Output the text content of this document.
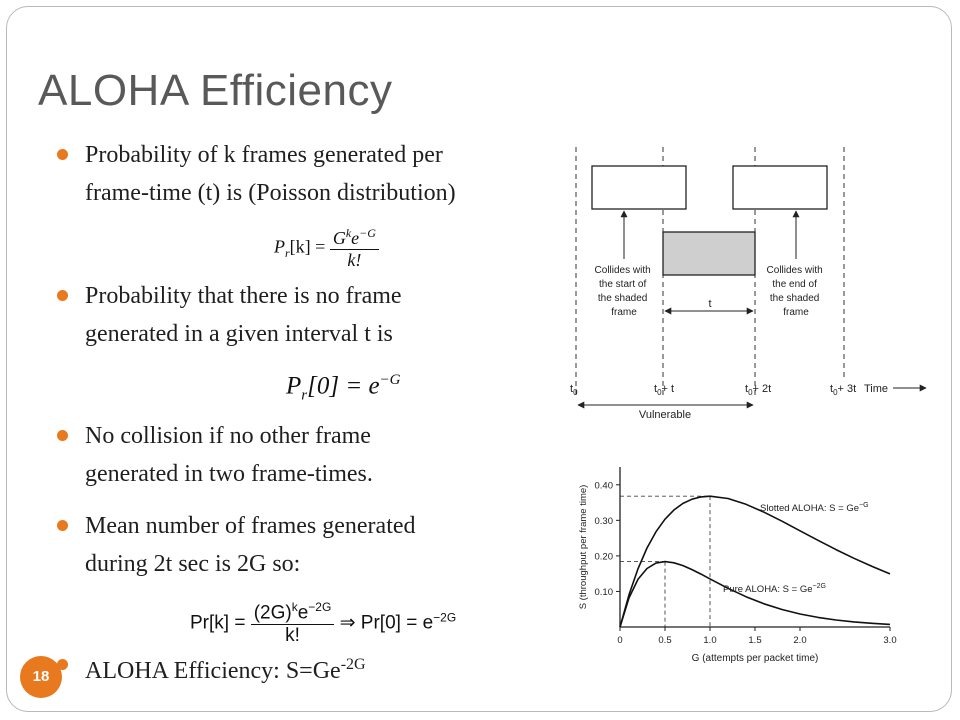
ALOHA Efficiency
Probability of k frames generated per
frame-time (t) is (Poisson distribution)
$P_r[k] = \frac{G^ke^{-G}}{k!}$
Probability that there is no frame
generated in a given interval t is
$P_r[0] = e^{-G}$
No collision if no other frame
generated in two frame-times.
Mean number of frames generated
during 2t sec is 2G so:
$Pr[k] = \frac{(2G)^ke^{-2G}}{k!}$ ⇒ $Pr[0] = e^{-2G}$
ALOHA Efficiency: $S=Ge^{-2G}$
18
Collides with the start of the shaded frame
Collides with the end of the shaded frame
t
$t_0$	$t_0+ t$	$t_0+ 2t$	$t_0+ 3t$ Time
Vulnerable
0	0.5	1.0	1.5	2.0	3.0
0.10
0.20
0.30
0.40
S (throughput per frame time)
G (attempts per packet time)
Slotted ALOHA: $S = Ge^{-G}$
Pure ALOHA: $S = Ge^{-2G}$
